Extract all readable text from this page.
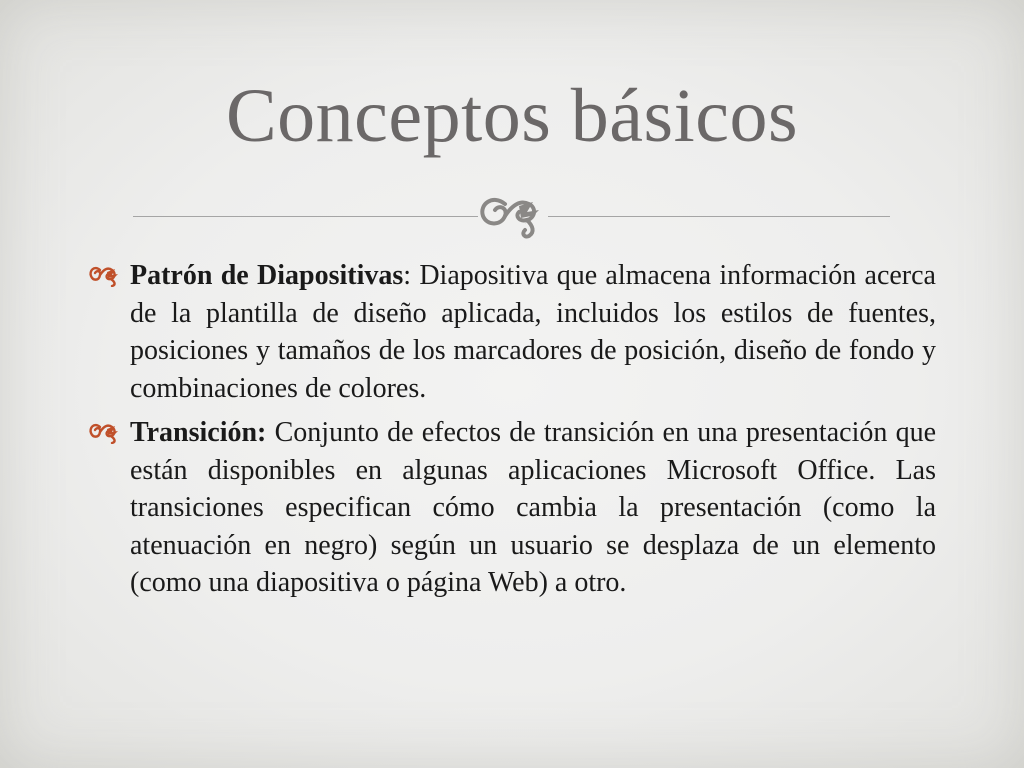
Conceptos básicos
Patrón de Diapositivas: Diapositiva que almacena información acerca de la plantilla de diseño aplicada, incluidos los estilos de fuentes, posiciones y tamaños de los marcadores de posición, diseño de fondo y combinaciones de colores.
Transición: Conjunto de efectos de transición en una presentación que están disponibles en algunas aplicaciones Microsoft Office. Las transiciones especifican cómo cambia la presentación (como la atenuación en negro) según un usuario se desplaza de un elemento (como una diapositiva o página Web) a otro.
